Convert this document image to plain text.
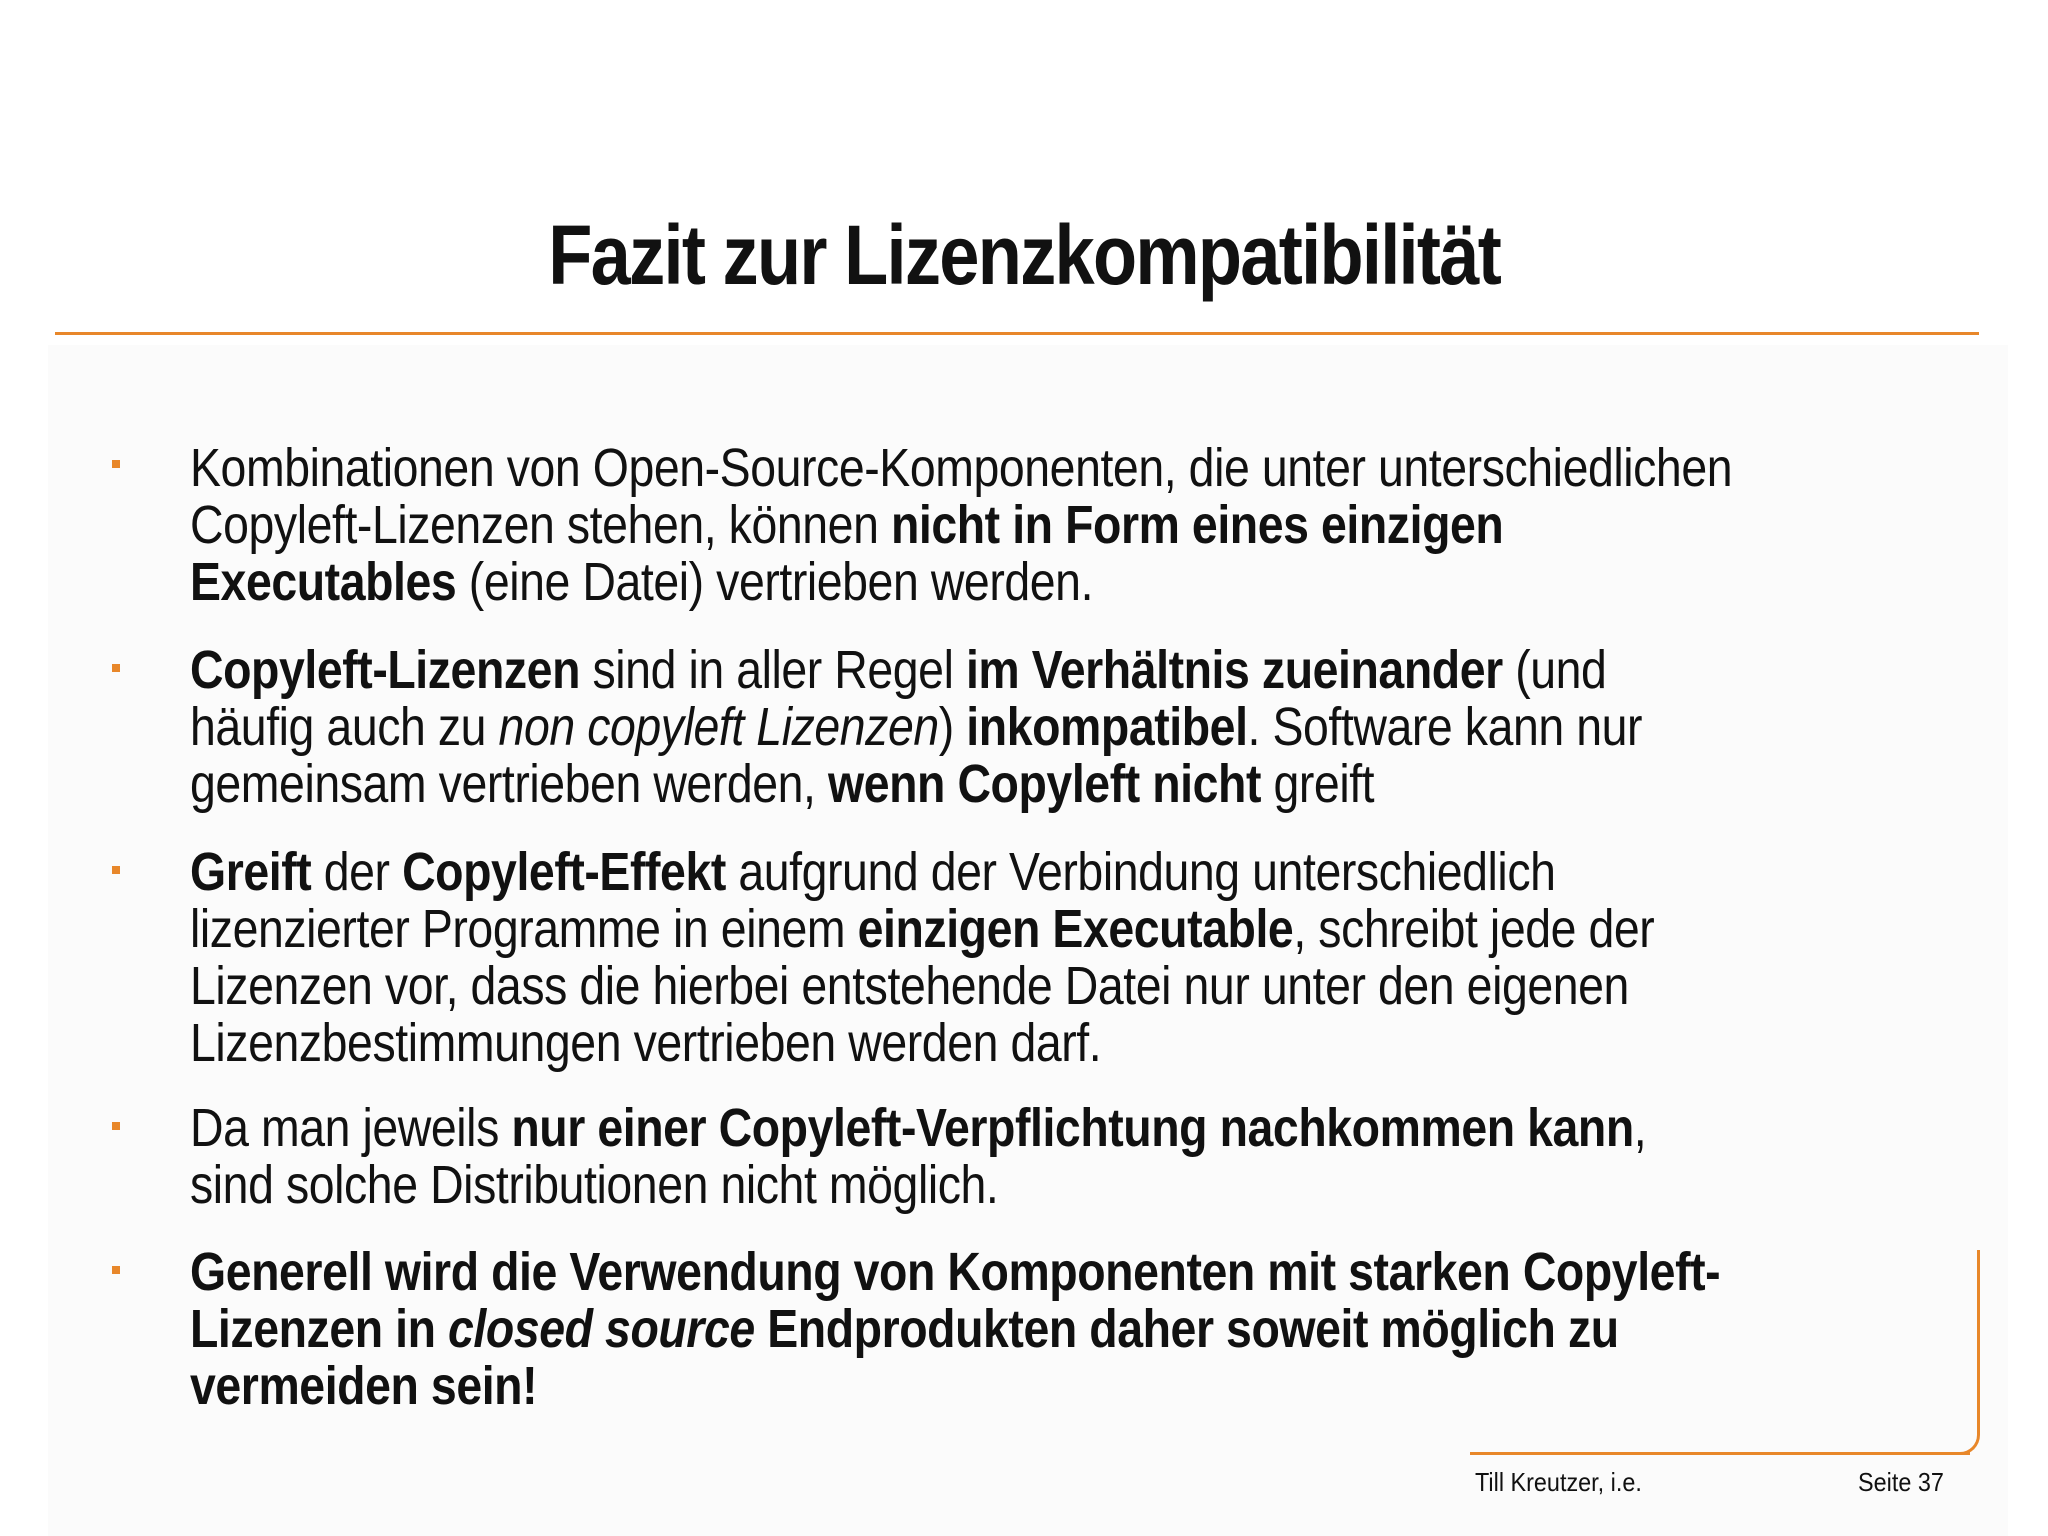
Fazit zur Lizenzkompatibilität
Kombinationen von Open-Source-Komponenten, die unter unterschiedlichen Copyleft-Lizenzen stehen, können nicht in Form eines einzigen Executables (eine Datei) vertrieben werden.
Copyleft-Lizenzen sind in aller Regel im Verhältnis zueinander (und häufig auch zu non copyleft Lizenzen) inkompatibel. Software kann nur gemeinsam vertrieben werden, wenn Copyleft nicht greift
Greift der Copyleft-Effekt aufgrund der Verbindung unterschiedlich lizenzierter Programme in einem einzigen Executable, schreibt jede der Lizenzen vor, dass die hierbei entstehende Datei nur unter den eigenen Lizenzbestimmungen vertrieben werden darf.
Da man jeweils nur einer Copyleft-Verpflichtung nachkommen kann, sind solche Distributionen nicht möglich.
Generell wird die Verwendung von Komponenten mit starken Copyleft-Lizenzen in closed source Endprodukten daher soweit möglich zu vermeiden sein!
Till Kreutzer, i.e.	Seite 37
